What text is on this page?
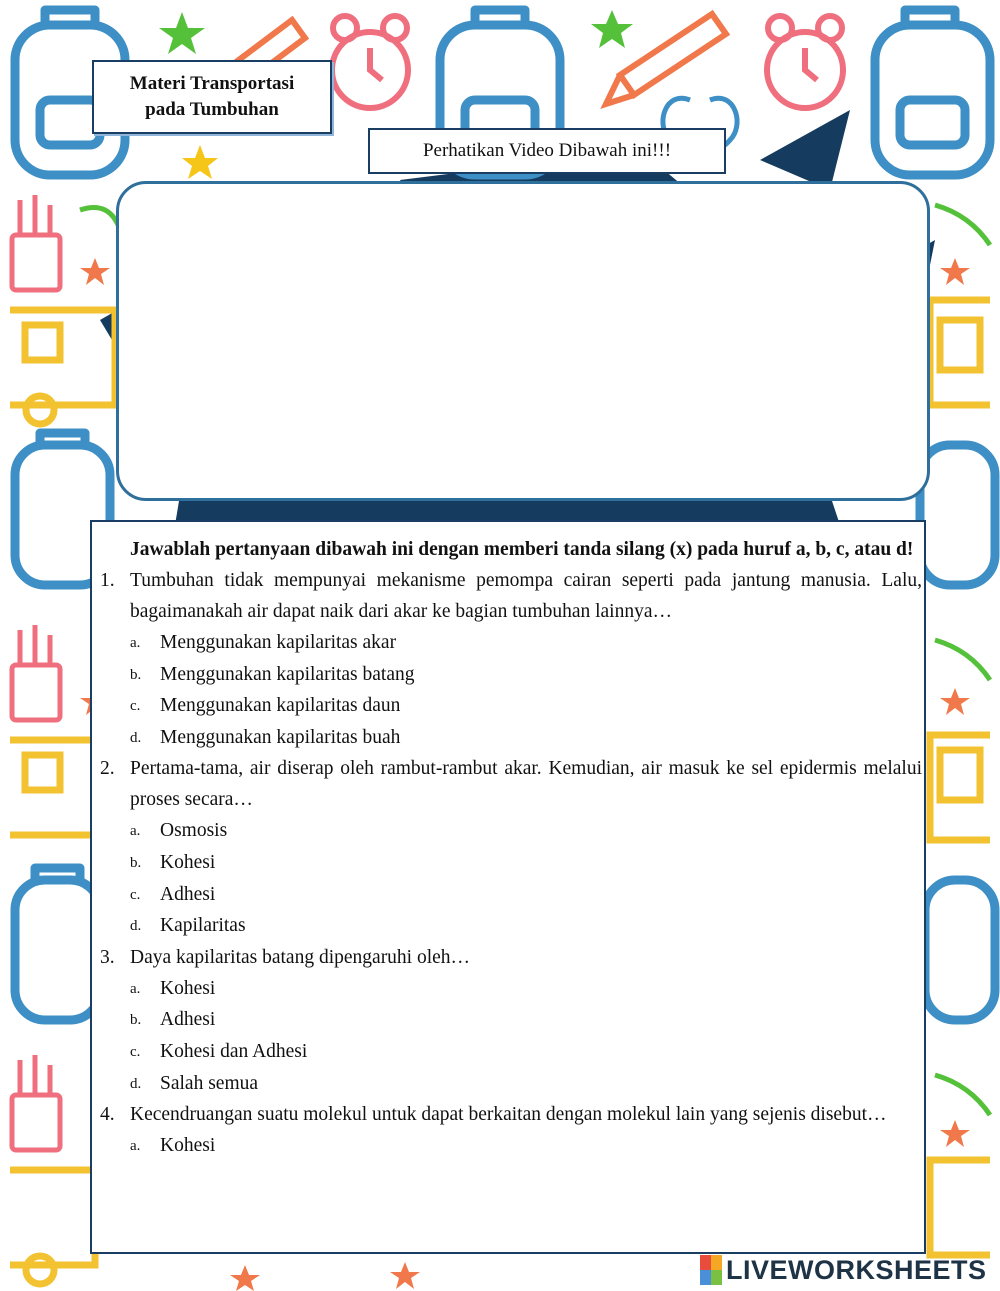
Materi Transportasi
pada Tumbuhan
Perhatikan Video Dibawah ini!!!
Jawablah pertanyaan dibawah ini dengan memberi tanda silang (x) pada huruf a, b, c, atau d!
1. Tumbuhan tidak mempunyai mekanisme pemompa cairan seperti pada jantung manusia. Lalu, bagaimanakah air dapat naik dari akar ke bagian tumbuhan lainnya…
a. Menggunakan kapilaritas akar
b. Menggunakan kapilaritas batang
c. Menggunakan kapilaritas daun
d. Menggunakan kapilaritas buah
2. Pertama-tama, air diserap oleh rambut-rambut akar. Kemudian, air masuk ke sel epidermis melalui proses secara…
a. Osmosis
b. Kohesi
c. Adhesi
d. Kapilaritas
3. Daya kapilaritas batang dipengaruhi oleh…
a. Kohesi
b. Adhesi
c. Kohesi dan Adhesi
d. Salah semua
4. Kecendruangan suatu molekul untuk dapat berkaitan dengan molekul lain yang sejenis disebut…
a. Kohesi
LIVEWORKSHEETS
